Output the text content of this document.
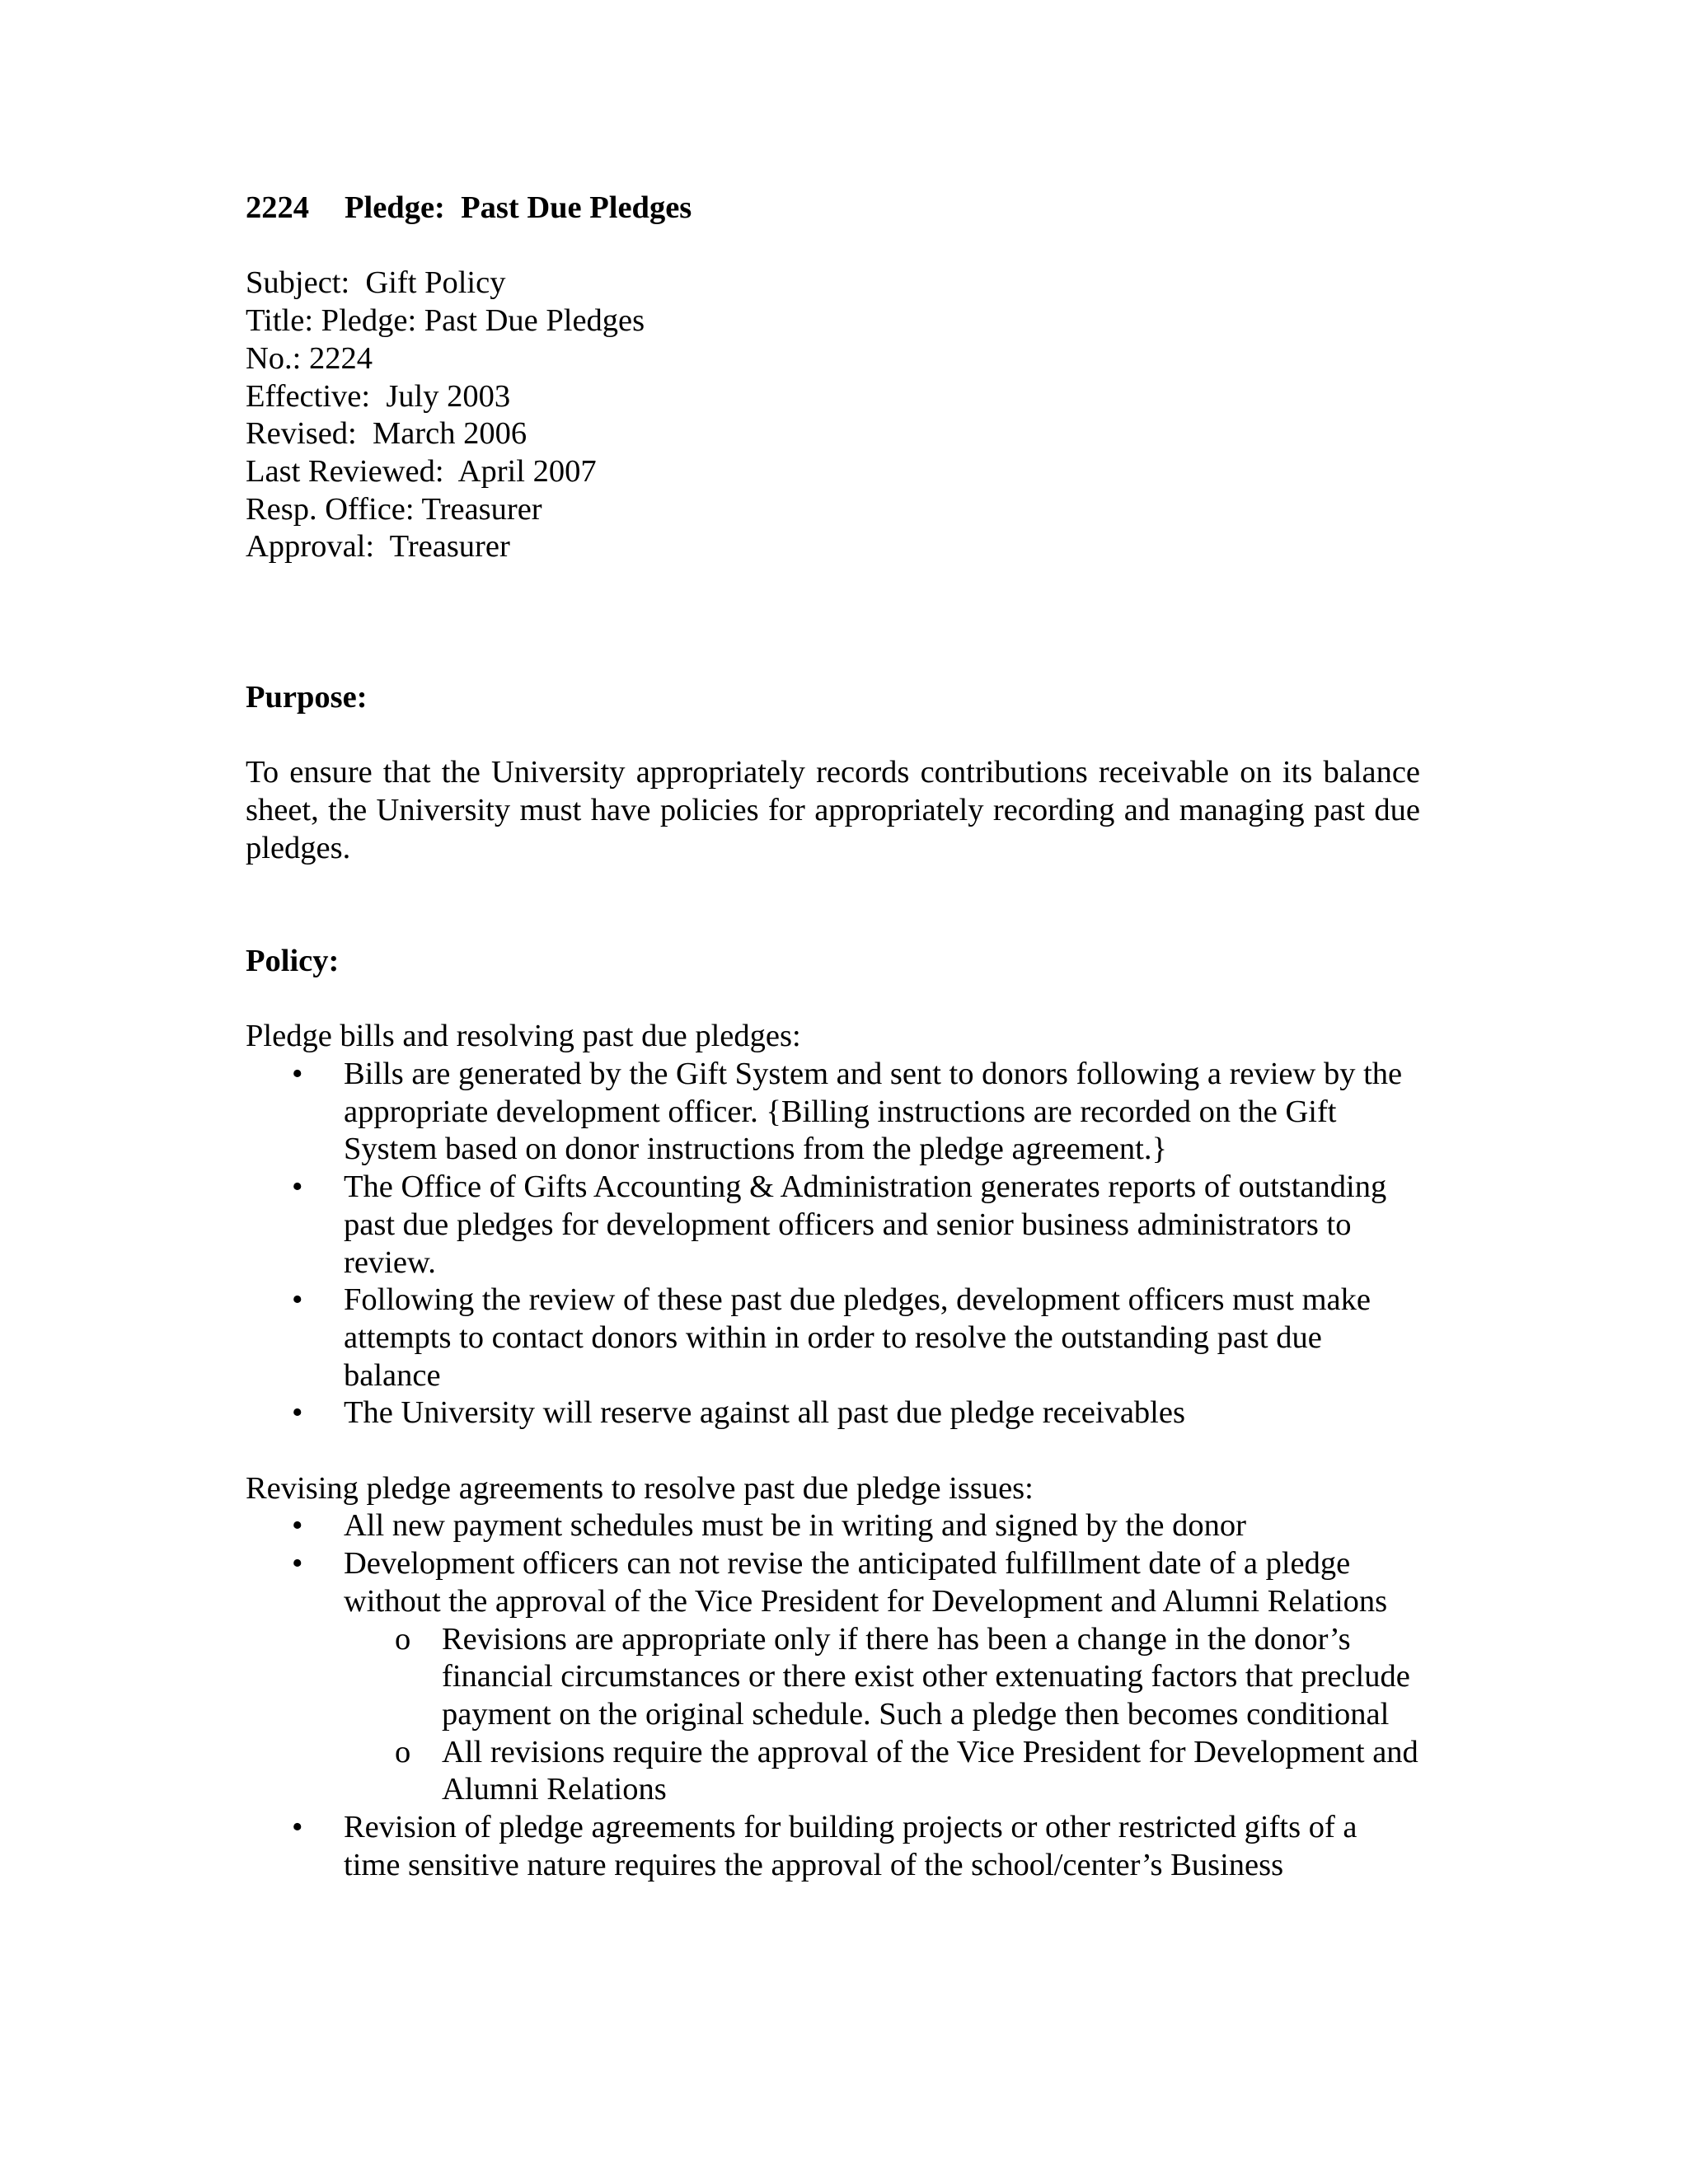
2224 Pledge:  Past Due Pledges

Subject:  Gift Policy

Title: Pledge: Past Due Pledges

No.: 2224

Effective:  July 2003

Revised:  March 2006

Last Reviewed:  April 2007

Resp. Office: Treasurer

Approval:  Treasurer

Purpose:

To ensure that the University appropriately records contributions receivable on its balance sheet, the University must have policies for appropriately recording and managing past due pledges.

Policy:

Pledge bills and resolving past due pledges:

•	Bills are generated by the Gift System and sent to donors following a review by the appropriate development officer. {Billing instructions are recorded on the Gift System based on donor instructions from the pledge agreement.}
•	The Office of Gifts Accounting & Administration generates reports of outstanding past due pledges for development officers and senior business administrators to review.
•	Following the review of these past due pledges, development officers must make attempts to contact donors within in order to resolve the outstanding past due balance
•	The University will reserve against all past due pledge receivables

Revising pledge agreements to resolve past due pledge issues:

•	All new payment schedules must be in writing and signed by the donor
•	Development officers can not revise the anticipated fulfillment date of a pledge without the approval of the Vice President for Development and Alumni Relations
o Revisions are appropriate only if there has been a change in the donor’s financial circumstances or there exist other extenuating factors that preclude payment on the original schedule. Such a pledge then becomes conditional
o All revisions require the approval of the Vice President for Development and Alumni Relations
•	Revision of pledge agreements for building projects or other restricted gifts of a time sensitive nature requires the approval of the school/center’s Business
